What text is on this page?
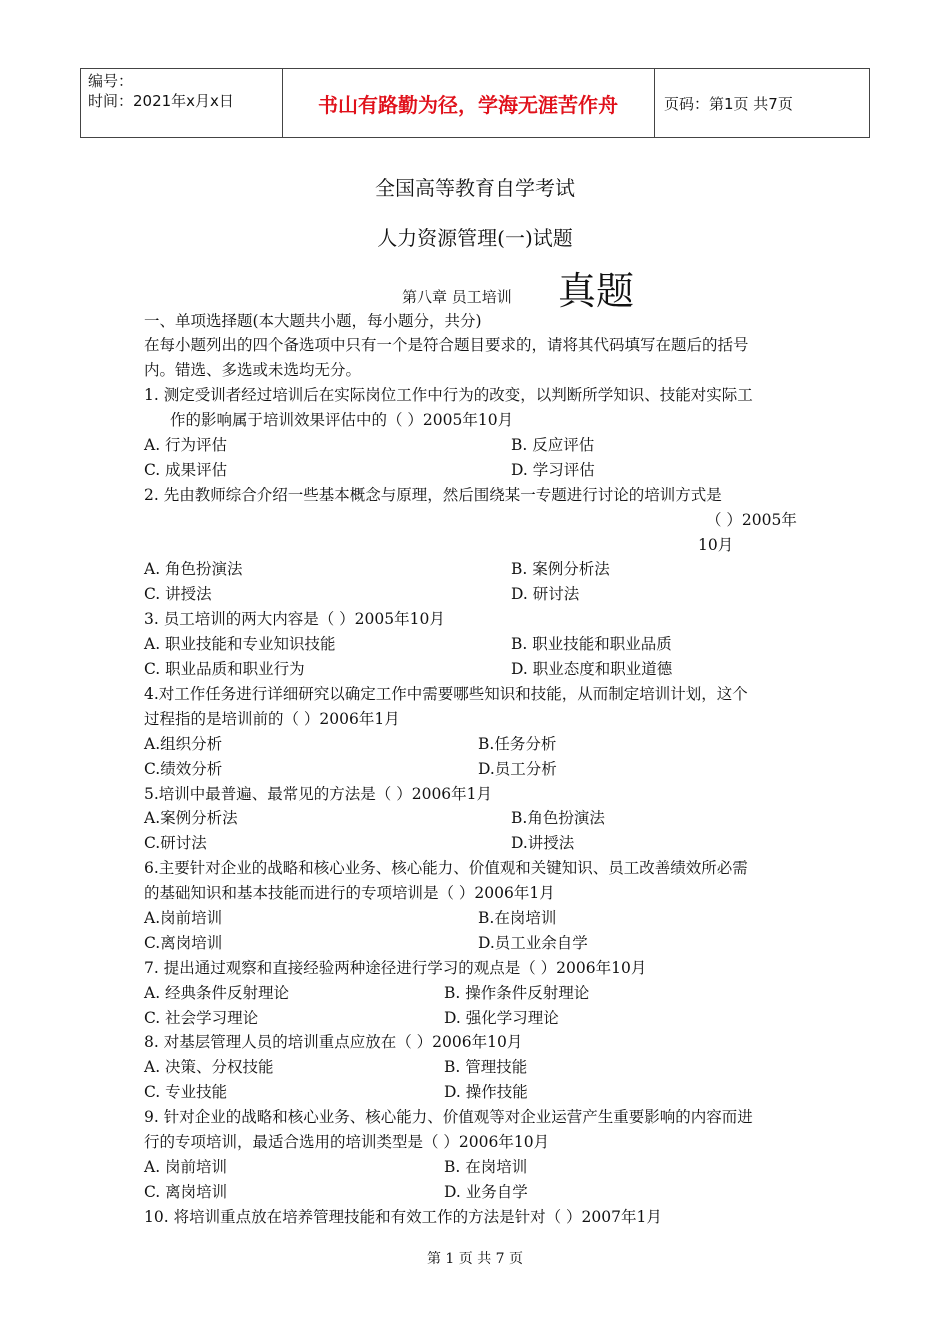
编号：
时间：2021年x月x日	书山有路勤为径，学海无涯苦作舟	页码：第1页 共7页
全国高等教育自学考试
人力资源管理(一)试题
第八章 员工培训 真题
一、单项选择题(本大题共小题，每小题分，共分)
在每小题列出的四个备选项中只有一个是符合题目要求的，请将其代码填写在题后的括号
内。错选、多选或未选均无分。
1. 测定受训者经过培训后在实际岗位工作中行为的改变，以判断所学知识、技能对实际工
作的影响属于培训效果评估中的（ ）2005年10月
A. 行为评估	B. 反应评估
C. 成果评估	D. 学习评估
2. 先由教师综合介绍一些基本概念与原理，然后围绕某一专题进行讨论的培训方式是
（ ）2005年
10月
A. 角色扮演法	B. 案例分析法
C. 讲授法	D. 研讨法
3. 员工培训的两大内容是（ ）2005年10月
A. 职业技能和专业知识技能	B. 职业技能和职业品质
C. 职业品质和职业行为	D. 职业态度和职业道德
4.对工作任务进行详细研究以确定工作中需要哪些知识和技能，从而制定培训计划，这个
过程指的是培训前的（ ）2006年1月
A.组织分析	B.任务分析
C.绩效分析	D.员工分析
5.培训中最普遍、最常见的方法是（ ）2006年1月
A.案例分析法	B.角色扮演法
C.研讨法	D.讲授法
6.主要针对企业的战略和核心业务、核心能力、价值观和关键知识、员工改善绩效所必需
的基础知识和基本技能而进行的专项培训是（ ）2006年1月
A.岗前培训	B.在岗培训
C.离岗培训	D.员工业余自学
7. 提出通过观察和直接经验两种途径进行学习的观点是（ ）2006年10月
A. 经典条件反射理论	B. 操作条件反射理论
C. 社会学习理论	D. 强化学习理论
8. 对基层管理人员的培训重点应放在（ ）2006年10月
A. 决策、分权技能	B. 管理技能
C. 专业技能	D. 操作技能
9. 针对企业的战略和核心业务、核心能力、价值观等对企业运营产生重要影响的内容而进
行的专项培训，最适合选用的培训类型是（ ）2006年10月
A. 岗前培训	B. 在岗培训
C. 离岗培训	D. 业务自学
10. 将培训重点放在培养管理技能和有效工作的方法是针对（ ）2007年1月
第 1 页 共 7 页
